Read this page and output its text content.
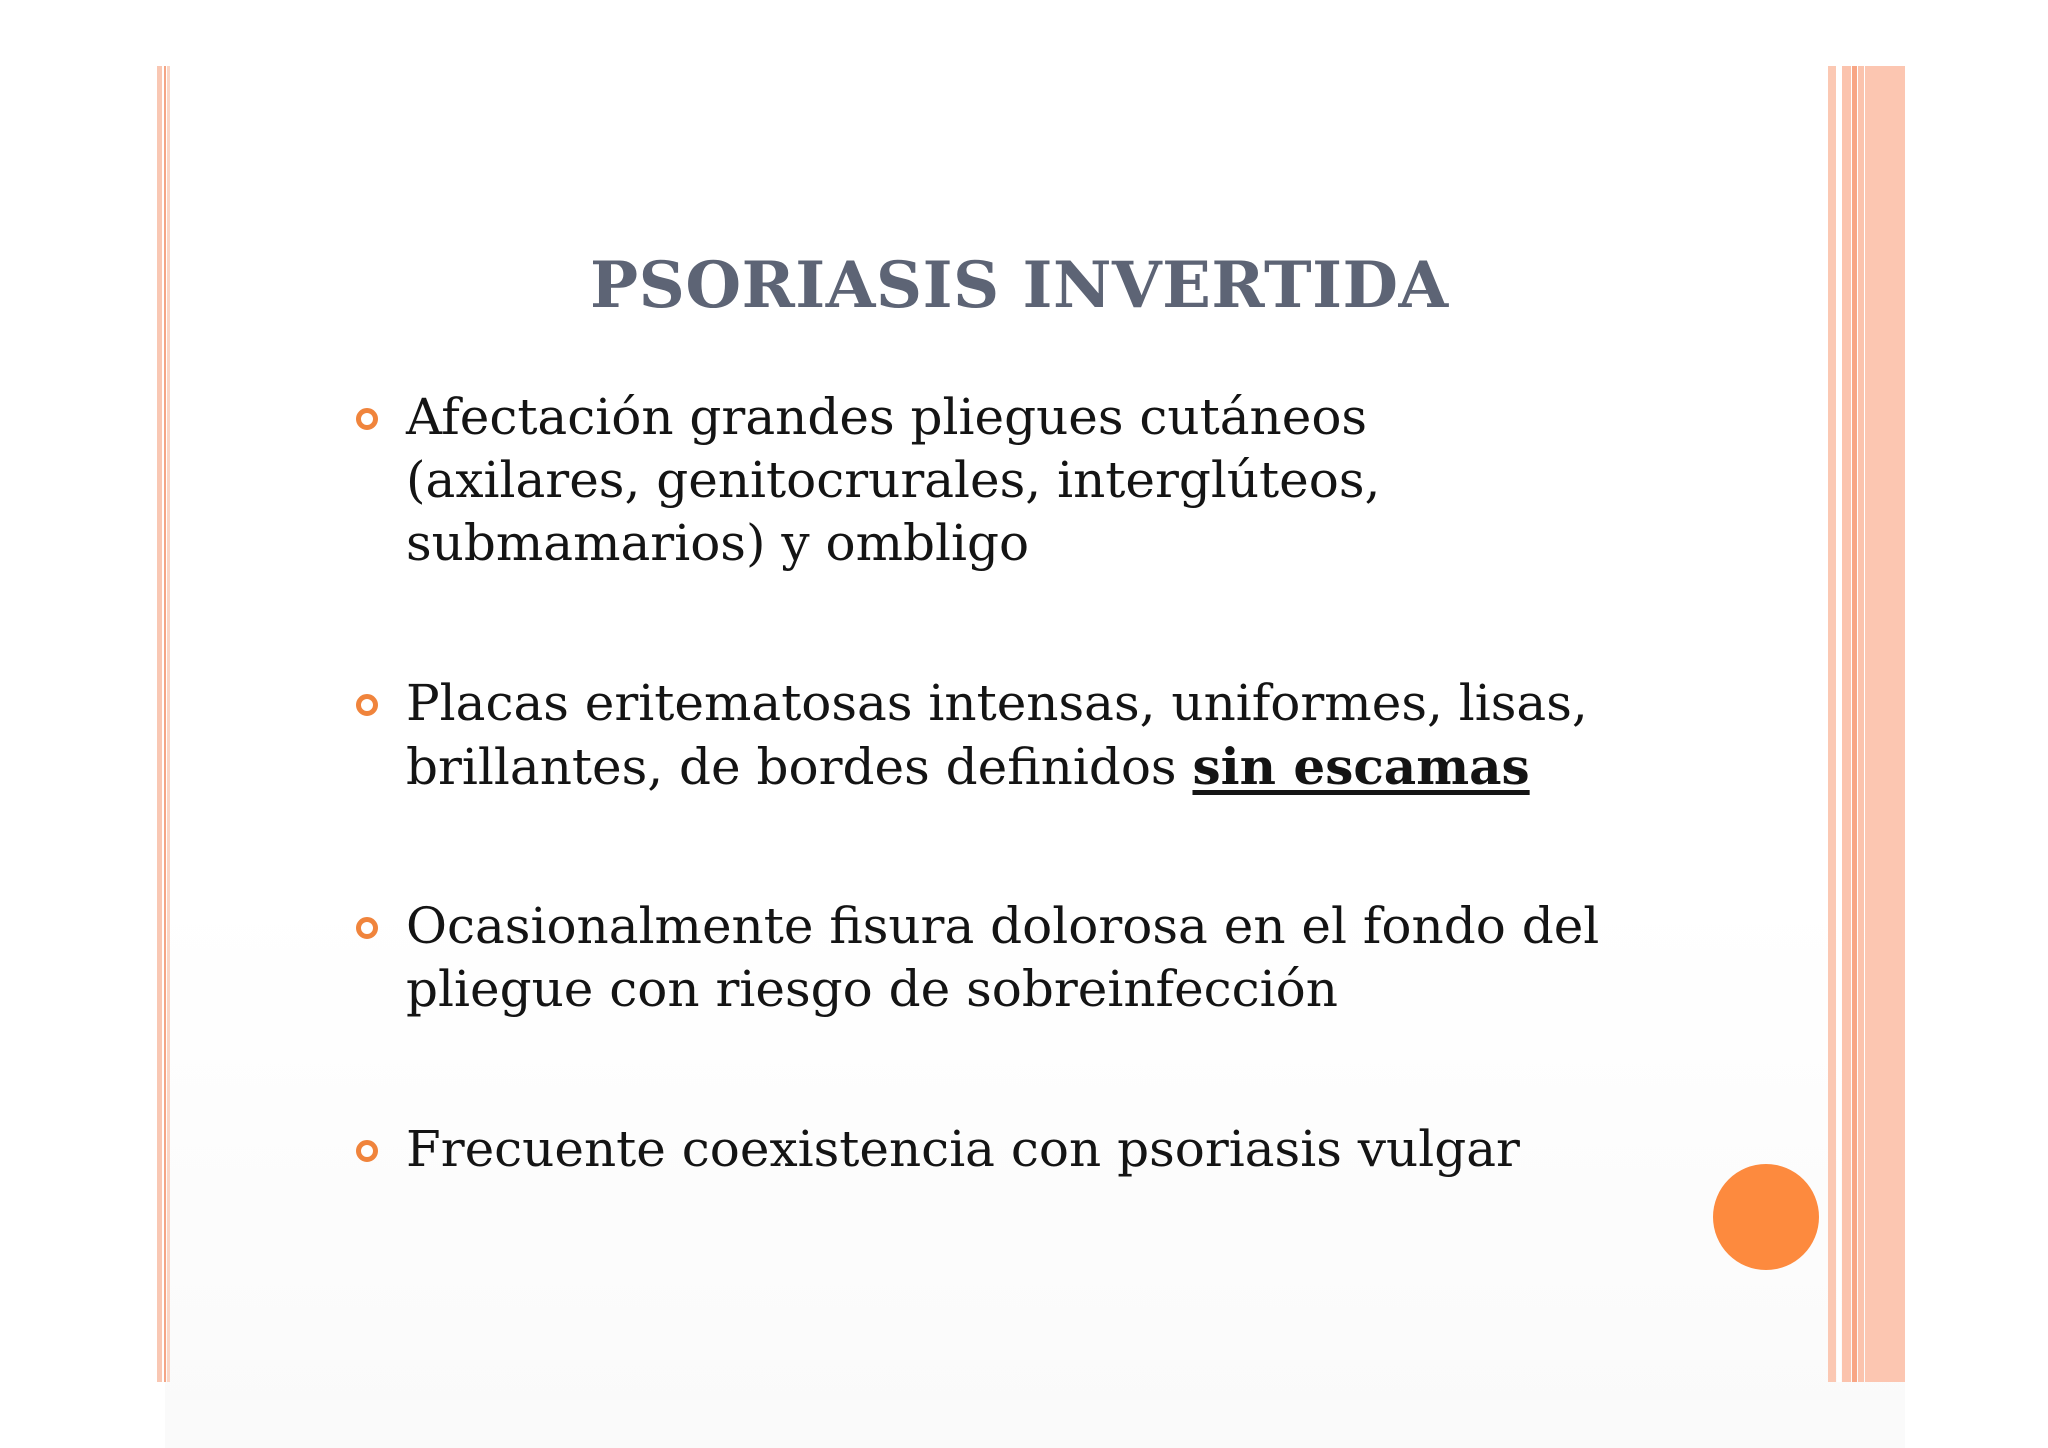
PSORIASIS INVERTIDA
Afectación grandes pliegues cutáneos (axilares, genitocrurales, interglúteos, submamarios) y ombligo
Placas eritematosas intensas, uniformes, lisas, brillantes, de bordes definidos sin escamas
Ocasionalmente fisura dolorosa en el fondo del pliegue con riesgo de sobreinfección
Frecuente coexistencia con psoriasis vulgar
